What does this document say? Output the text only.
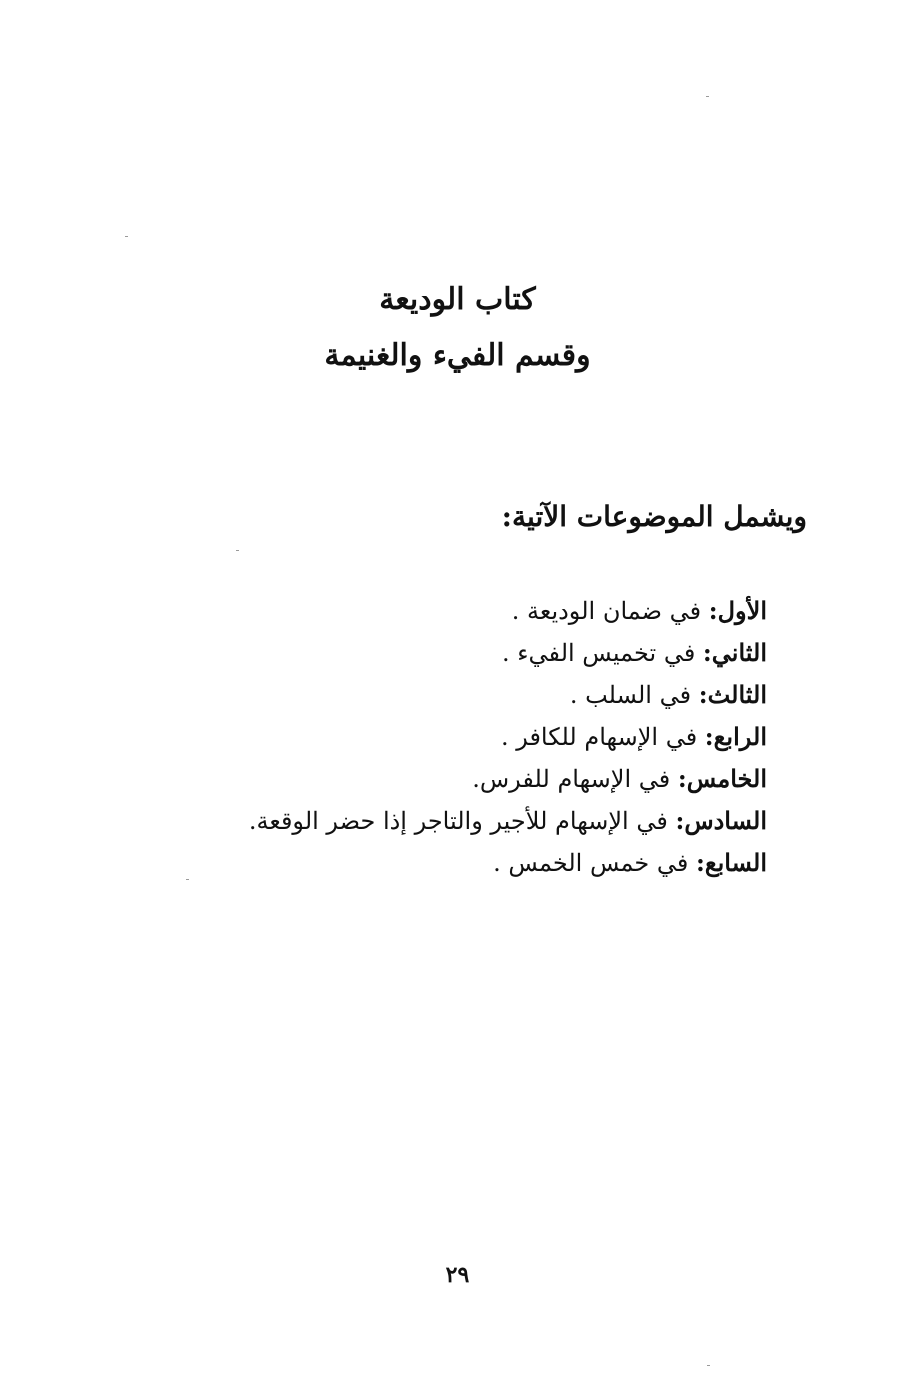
كتاب الوديعة
وقسم الفيء والغنيمة
ويشمل الموضوعات الآتية:
الأول: في ضمان الوديعة .
الثاني: في تخميس الفيء .
الثالث: في السلب .
الرابع: في الإسهام للكافر .
الخامس: في الإسهام للفرس.
السادس: في الإسهام للأجير والتاجر إذا حضر الوقعة.
السابع: في خمس الخمس .
٢٩
